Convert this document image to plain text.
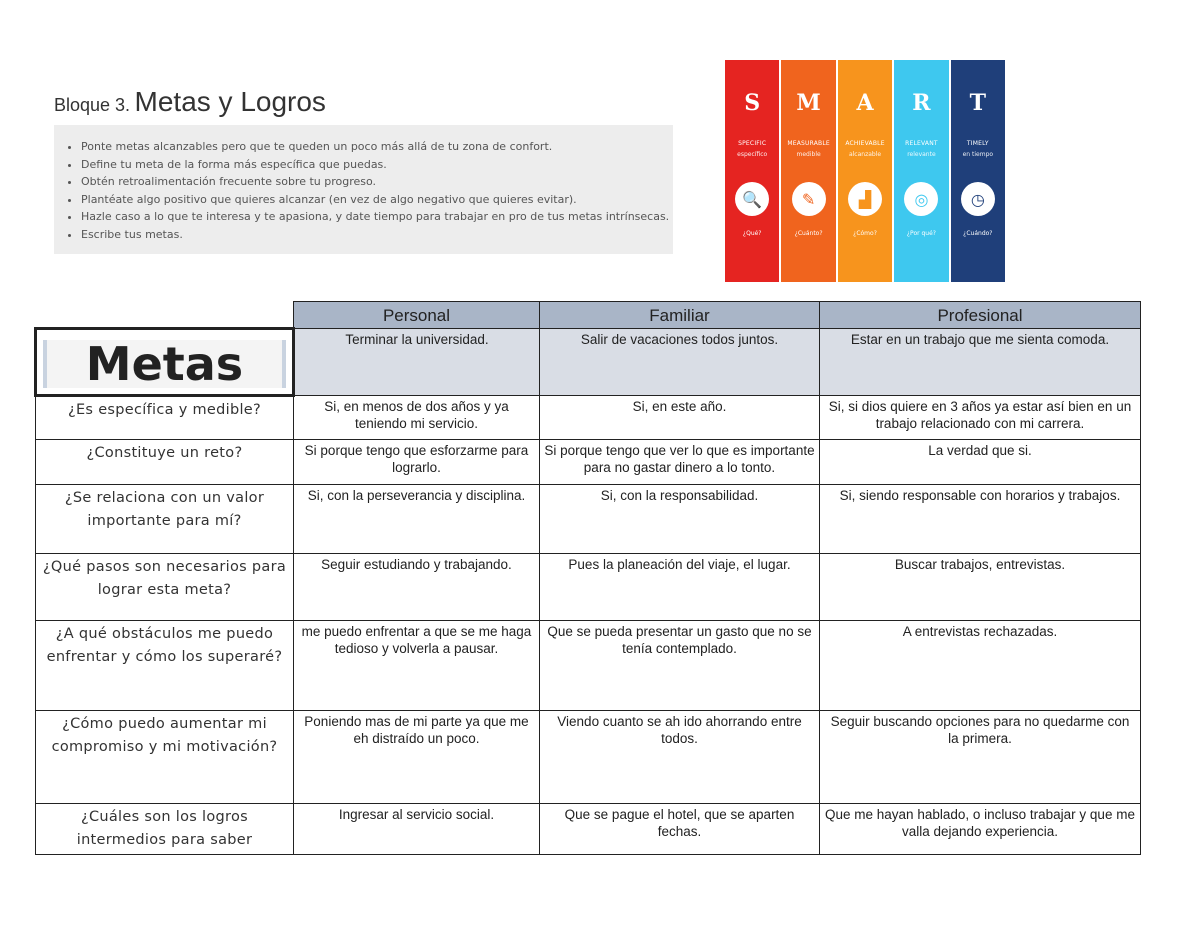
Bloque 3. Metas y Logros
• Ponte metas alcanzables pero que te queden un poco más allá de tu zona de confort.
• Define tu meta de la forma más específica que puedas.
• Obtén retroalimentación frecuente sobre tu progreso.
• Plantéate algo positivo que quieres alcanzar (en vez de algo negativo que quieres evitar).
• Hazle caso a lo que te interesa y te apasiona, y date tiempo para trabajar en pro de tus metas intrínsecas.
• Escribe tus metas.
S
SPECIFIC
específico
🔍
¿Qué?
M
MEASURABLE
medible
✎
¿Cuánto?
A
ACHIEVABLE
alcanzable
▟
¿Cómo?
R
RELEVANT
relevante
◎
¿Por qué?
T
TIMELY
en tiempo
◷
¿Cuándo?
	Personal	Familiar	Profesional

Metas	Terminar la universidad.	Salir de vacaciones todos juntos.	Estar en un trabajo que me sienta comoda.
¿Es específica y medible?	Si, en menos de dos años y ya teniendo mi servicio.	Si, en este año.	Si, si dios quiere en 3 años ya estar así bien en un trabajo relacionado con mi carrera.
¿Constituye un reto?	Si porque tengo que esforzarme para lograrlo.	Si porque tengo que ver lo que es importante para no gastar dinero a lo tonto.	La verdad que si.
¿Se relaciona con un valor importante para mí?	Si, con la perseverancia y disciplina.	Si, con la responsabilidad.	Si, siendo responsable con horarios y trabajos.
¿Qué pasos son necesarios para lograr esta meta?	Seguir estudiando y trabajando.	Pues la planeación del viaje, el lugar.	Buscar trabajos, entrevistas.
¿A qué obstáculos me puedo enfrentar y cómo los superaré?	me puedo enfrentar a que se me haga tedioso y volverla a pausar.	Que se pueda presentar un gasto que no se tenía contemplado.	A entrevistas rechazadas.
¿Cómo puedo aumentar mi compromiso y mi motivación?	Poniendo mas de mi parte ya que me eh distraído un poco.	Viendo cuanto se ah ido ahorrando entre todos.	Seguir buscando opciones para no quedarme con la primera.
¿Cuáles son los logros intermedios para saber	Ingresar al servicio social.	Que se pague el hotel, que se aparten fechas.	Que me hayan hablado, o incluso trabajar y que me valla dejando experiencia.
